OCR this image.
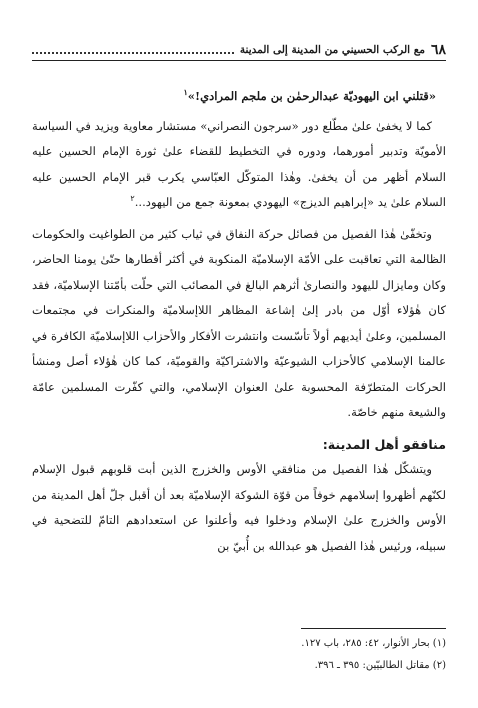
٦٨
مع الركب الحسيني من المدينة إلى المدينة

«قتلني ابن اليهوديّة عبدالرحمٰن بن ملجم المرادي!»$^١$

كما لا يخفىٰ علىٰ مطّلع دور «سرجون النصراني» مستشار معاوية ويزيد في السياسة الأمويّة وتدبير أمورهما، ودوره في التخطيط للقضاء علىٰ ثورة الإمام الحسين عليه السلام أظهر من أن يخفىٰ. وهٰذا المتوكّل العبّاسي يكرب قبر الإمام الحسين عليه السلام علىٰ يد «إبراهيم الديزج» اليهودي بمعونة جمع من اليهود...$^٢$

وتخفّىٰ هٰذا الفصيل من فصائل حركة النفاق في ثياب كثير من الطواغيت والحكومات الظالمة التي تعاقبت على الأمّة الإسلاميّة المنكوبة في أكثر أقطارها حتّىٰ يومنا الحاضر، وكان ومايزال لليهود والنصارىٰ أثرهم البالغ في المصائب التي حلّت بأمّتنا الإسلاميّة، فقد كان هٰؤلاء أوّل من بادر إلىٰ إشاعة المظاهر اللاإسلاميّة والمنكرات في مجتمعات المسلمين، وعلىٰ أيديهم أولاً تأسّست وانتشرت الأفكار والأحزاب اللاإسلاميّة الكافرة في عالمنا الإسلامي كالأحزاب الشيوعيّة والاشتراكيّة والقوميّة، كما كان هٰؤلاء أصل ومنشأ الحركات المتطرّفة المحسوبة علىٰ العنوان الإسلامي، والتي كفّرت المسلمين عامّة والشيعة منهم خاصّة.

منافقو أهل المدينة:

ويتشكّل هٰذا الفصيل من منافقي الأوس والخزرج الذين أبت قلوبهم قبول الإسلام لكنّهم أظهروا إسلامهم خوفاً من قوّة الشوكة الإسلاميّة بعد أن أقبل جلّ أهل المدينة من الأوس والخزرج علىٰ الإسلام ودخلوا فيه وأعلنوا عن استعدادهم التامّ للتضحية في سبيله، ورئيس هٰذا الفصيل هو عبدالله بن أُبيّ بن

(١) بحار الأنوار، ٤٢: ٢٨٥، باب ١٢٧.

(٢) مقاتل الطالبيّين: ٣٩٥ ـ ٣٩٦.
